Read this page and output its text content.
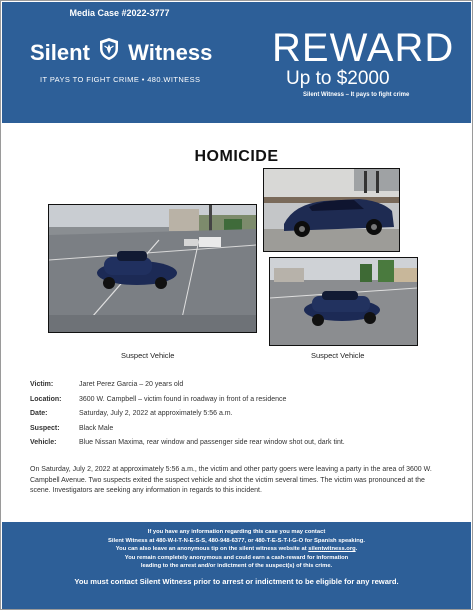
Media Case #2022-3777
Silent Witness
IT PAYS TO FIGHT CRIME • 480.WITNESS
REWARD
Up to $2000
Silent Witness – It pays to fight crime
HOMICIDE
Suspect Vehicle	Suspect Vehicle
Victim:	Jaret Perez Garcia – 20 years old
Location:	3600 W. Campbell – victim found in roadway in front of a residence
Date:	Saturday, July 2, 2022 at approximately 5:56 a.m.
Suspect:	Black Male
Vehicle:	Blue Nissan Maxima, rear window and passenger side rear window shot out, dark tint.
On Saturday, July 2, 2022 at approximately 5:56 a.m., the victim and other party goers were leaving a party in the area of 3600 W. Campbell Avenue. Two suspects exited the suspect vehicle and shot the victim several times. The victim was pronounced at the scene. Investigators are seeking any information in regards to this incident.
If you have any information regarding this case you may contact
Silent Witness at 480-W-I-T-N-E-S-S, 480-948-6377, or 480-T-E-S-T-I-G-O for Spanish speaking.
You can also leave an anonymous tip on the silent witness website at silentwitness.org.
You remain completely anonymous and could earn a cash-reward for information
leading to the arrest and/or indictment of the suspect(s) of this crime.
You must contact Silent Witness prior to arrest or indictment to be eligible for any reward.
